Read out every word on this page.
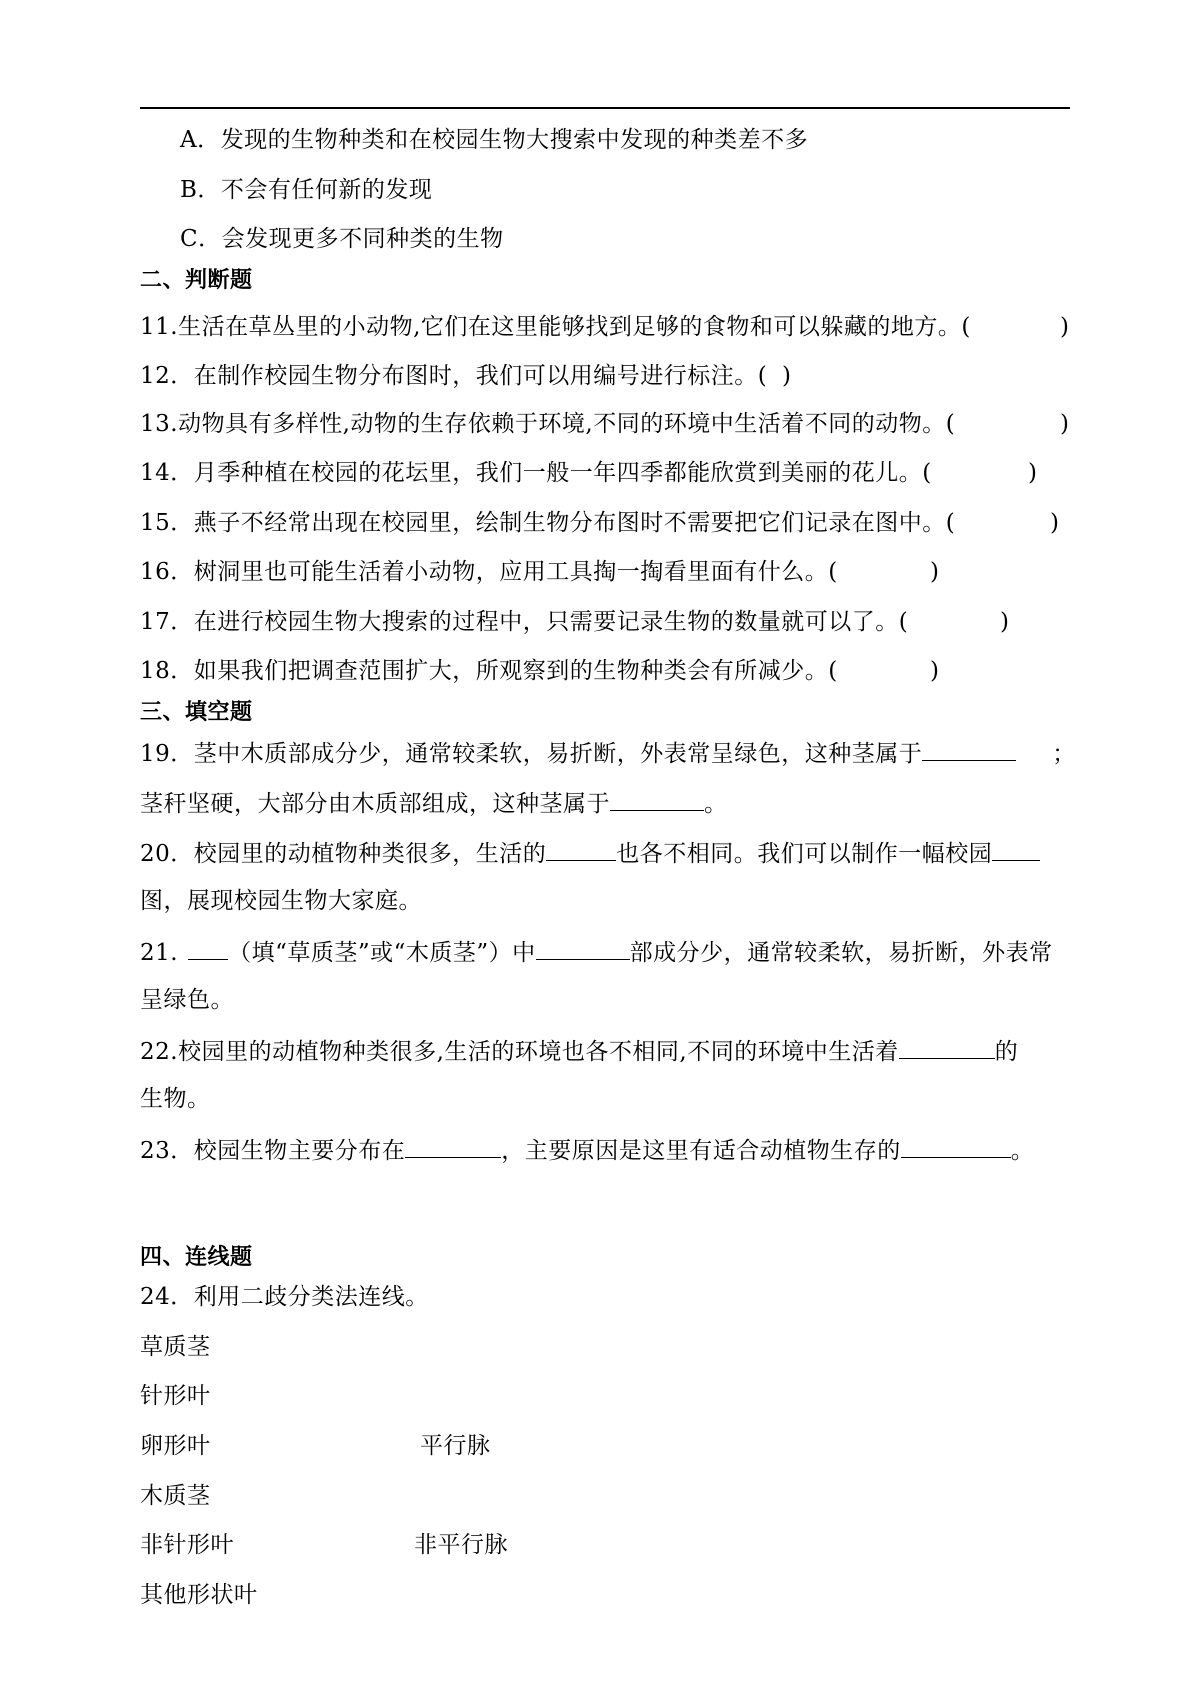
A．发现的生物种类和在校园生物大搜索中发现的种类差不多
B．不会有任何新的发现
C．会发现更多不同种类的生物
二、判断题
11.生活在草丛里的小动物,它们在这里能够找到足够的食物和可以躲藏的地方。(	)
12．在制作校园生物分布图时，我们可以用编号进行标注。( )
13.动物具有多样性,动物的生存依赖于环境,不同的环境中生活着不同的动物。(	)
14．月季种植在校园的花坛里，我们一般一年四季都能欣赏到美丽的花儿。(	)
15．燕子不经常出现在校园里，绘制生物分布图时不需要把它们记录在图中。(	)
16．树洞里也可能生活着小动物，应用工具掏一掏看里面有什么。(	)
17．在进行校园生物大搜索的过程中，只需要记录生物的数量就可以了。(	)
18．如果我们把调查范围扩大，所观察到的生物种类会有所减少。(	)
三、填空题
19．茎中木质部成分少，通常较柔软，易折断，外表常呈绿色，这种茎属于	；
茎秆坚硬，大部分由木质部组成，这种茎属于	。
20．校园里的动植物种类很多，生活的	也各不相同。我们可以制作一幅校园
图，展现校园生物大家庭。
21. （填“草质茎”或“木质茎”）中	部成分少，通常较柔软，易折断，外表常
呈绿色。
22.校园里的动植物种类很多,生活的环境也各不相同,不同的环境中生活着	的
生物。
23．校园生物主要分布在	，主要原因是这里有适合动植物生存的	。
四、连线题
24．利用二歧分类法连线。
草质茎
针形叶
卵形叶
木质茎
非针形叶
其他形状叶
平行脉
非平行脉
